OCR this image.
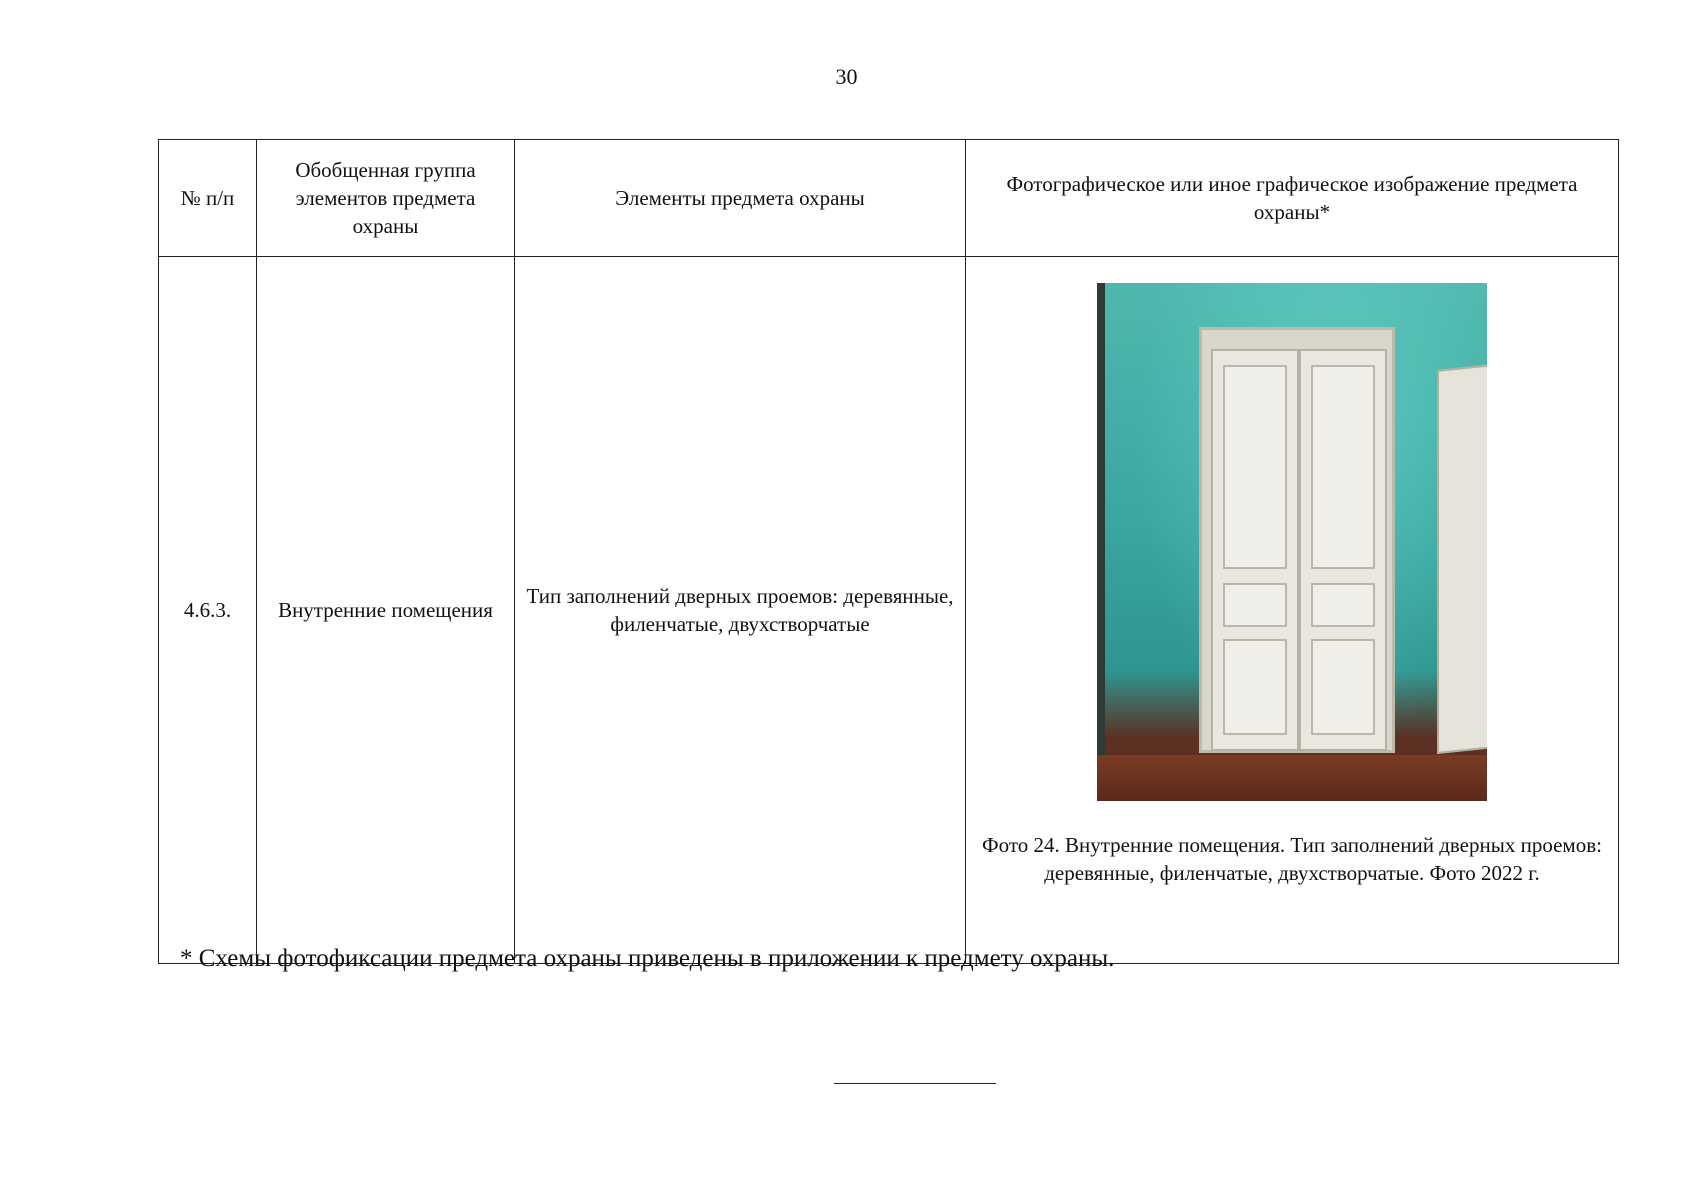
30
№ п/п	Обобщенная группа элементов предмета охраны	Элементы предмета охраны	Фотографическое или иное графическое изображение предмета охраны*
4.6.3.	Внутренние помещения	Тип заполнений дверных проемов: деревянные, филенчатые, двухстворчатые	Фото 24. Внутренние помещения. Тип заполнений дверных проемов: деревянные, филенчатые, двухстворчатые. Фото 2022 г.
* Схемы фотофиксации предмета охраны приведены в приложении к предмету охраны.
